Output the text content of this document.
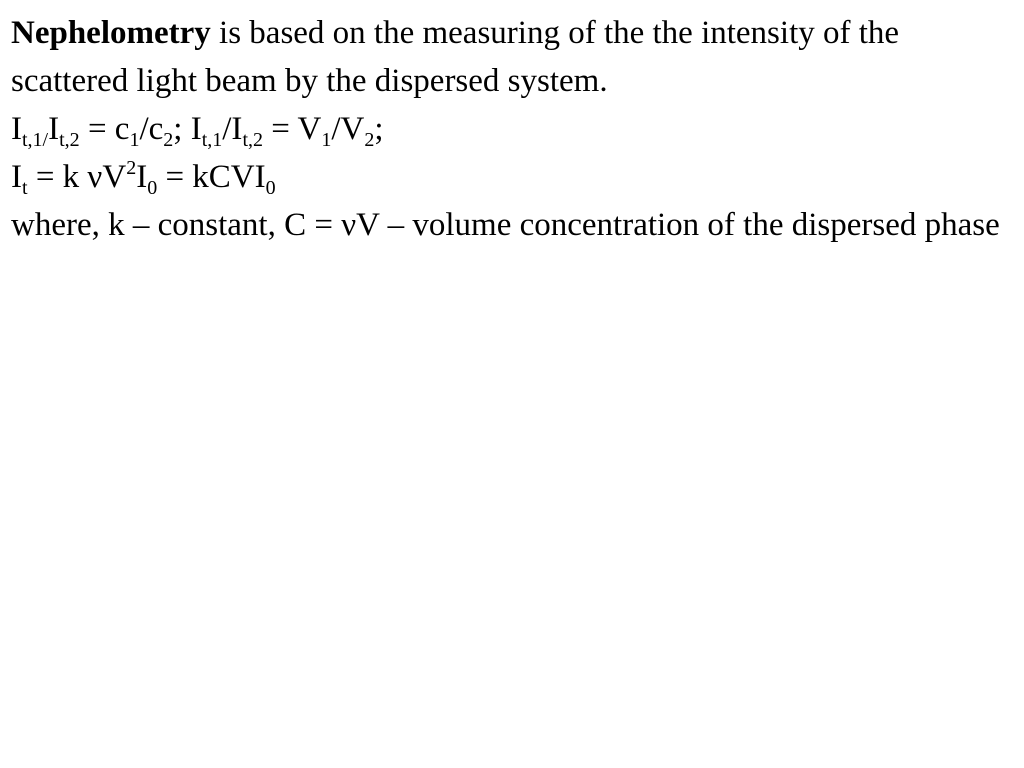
Nephelometry is based on the measuring of the the intensity of the scattered light beam by the dispersed system.
$I_{t,1/}I_{t,2} = c_1/c_2$; $I_{t,1}/I_{t,2} = V_1/V_2$;
$I_t = k$ $\nu V^2I_0$ = kCVI$_0$
where, k – constant, C = νV – volume concentration of the dispersed phase
